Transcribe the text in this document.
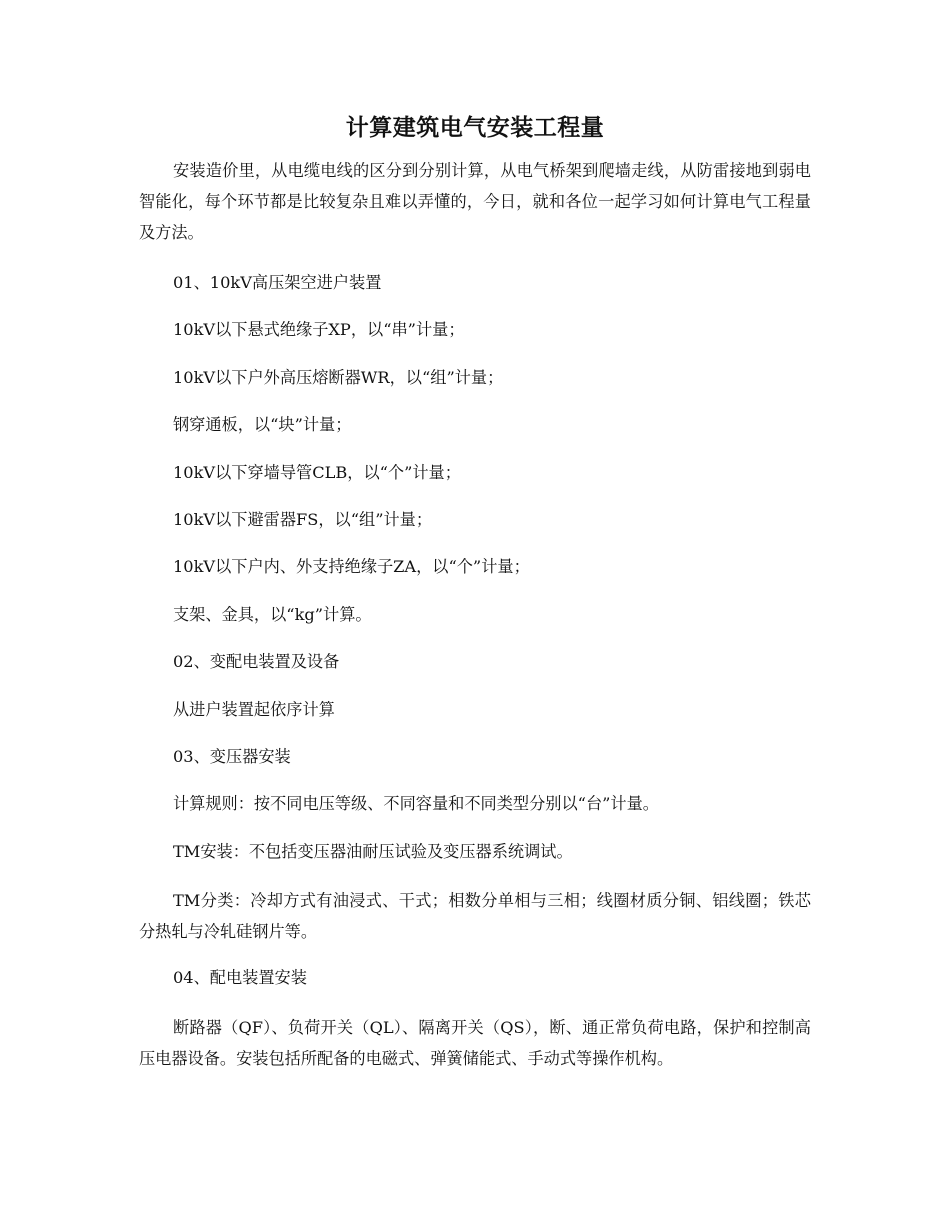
计算建筑电气安装工程量

安装造价里，从电缆电线的区分到分别计算，从电气桥架到爬墙走线，从防雷接地到弱电智能化，每个环节都是比较复杂且难以弄懂的，今日，就和各位一起学习如何计算电气工程量及方法。

01、10kV高压架空进户装置

10kV以下悬式绝缘子XP，以“串”计量；

10kV以下户外高压熔断器WR，以“组”计量；

钢穿通板，以“块”计量；

10kV以下穿墙导管CLB，以“个”计量；

10kV以下避雷器FS，以“组”计量；

10kV以下户内、外支持绝缘子ZA，以“个”计量；

支架、金具，以“kg”计算。

02、变配电装置及设备

从进户装置起依序计算

03、变压器安装

计算规则：按不同电压等级、不同容量和不同类型分别以“台”计量。

TM安装：不包括变压器油耐压试验及变压器系统调试。

TM分类：冷却方式有油浸式、干式；相数分单相与三相；线圈材质分铜、铝线圈；铁芯分热轧与冷轧硅钢片等。

04、配电装置安装

断路器（QF）、负荷开关（QL）、隔离开关（QS），断、通正常负荷电路，保护和控制高压电器设备。安装包括所配备的电磁式、弹簧储能式、手动式等操作机构。
